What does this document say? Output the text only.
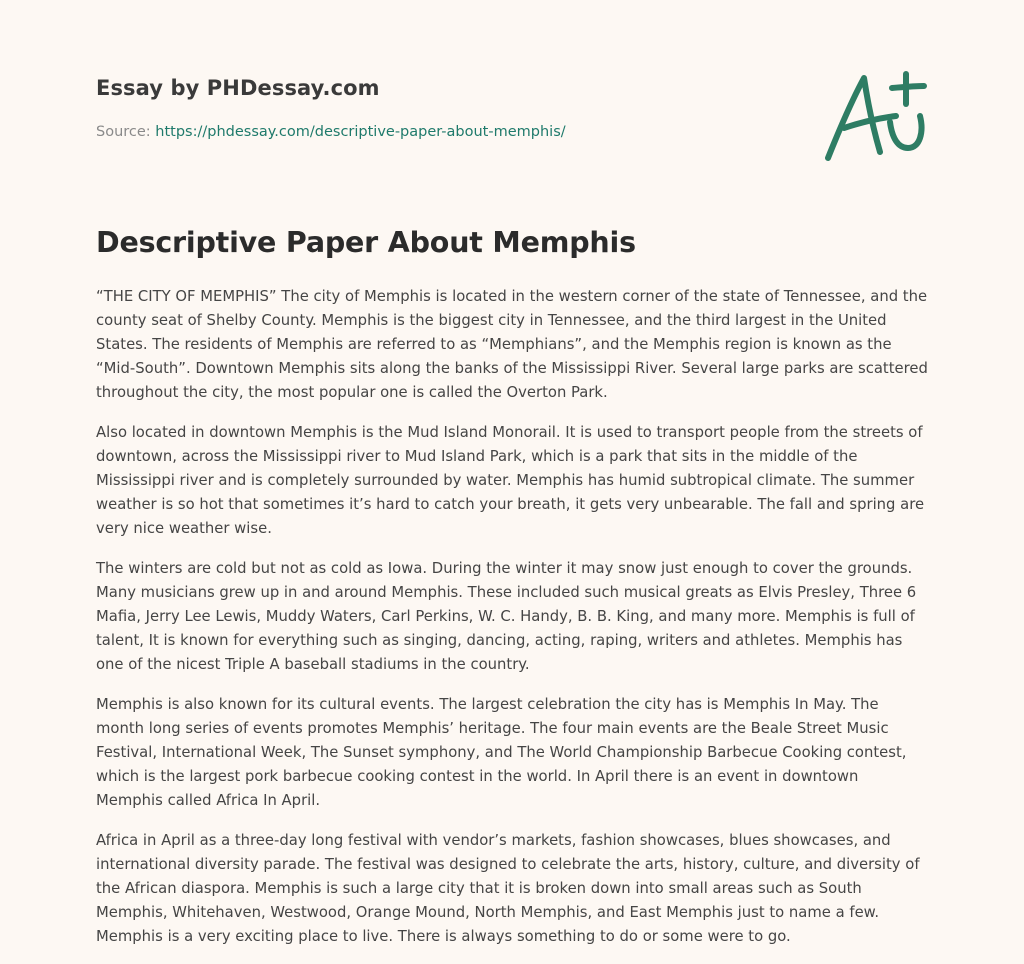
Essay by PHDessay.com
Source: https://phdessay.com/descriptive-paper-about-memphis/
Descriptive Paper About Memphis

“THE CITY OF MEMPHIS” The city of Memphis is located in the western corner of the state of Tennessee, and the county seat of Shelby County. Memphis is the biggest city in Tennessee, and the third largest in the United States. The residents of Memphis are referred to as “Memphians”, and the Memphis region is known as the “Mid-South”. Downtown Memphis sits along the banks of the Mississippi River. Several large parks are scattered throughout the city, the most popular one is called the Overton Park.

Also located in downtown Memphis is the Mud Island Monorail. It is used to transport people from the streets of downtown, across the Mississippi river to Mud Island Park, which is a park that sits in the middle of the Mississippi river and is completely surrounded by water. Memphis has humid subtropical climate. The summer weather is so hot that sometimes it’s hard to catch your breath, it gets very unbearable. The fall and spring are very nice weather wise.

The winters are cold but not as cold as Iowa. During the winter it may snow just enough to cover the grounds. Many musicians grew up in and around Memphis. These included such musical greats as Elvis Presley, Three 6 Mafia, Jerry Lee Lewis, Muddy Waters, Carl Perkins, W. C. Handy, B. B. King, and many more. Memphis is full of talent, It is known for everything such as singing, dancing, acting, raping, writers and athletes. Memphis has one of the nicest Triple A baseball stadiums in the country.

Memphis is also known for its cultural events. The largest celebration the city has is Memphis In May. The month long series of events promotes Memphis’ heritage. The four main events are the Beale Street Music Festival, International Week, The Sunset symphony, and The World Championship Barbecue Cooking contest, which is the largest pork barbecue cooking contest in the world. In April there is an event in downtown Memphis called Africa In April.

Africa in April as a three-day long festival with vendor’s markets, fashion showcases, blues showcases, and international diversity parade. The festival was designed to celebrate the arts, history, culture, and diversity of the African diaspora. Memphis is such a large city that it is broken down into small areas such as South Memphis, Whitehaven, Westwood, Orange Mound, North Memphis, and East Memphis just to name a few. Memphis is a very exciting place to live. There is always something to do or some were to go.
